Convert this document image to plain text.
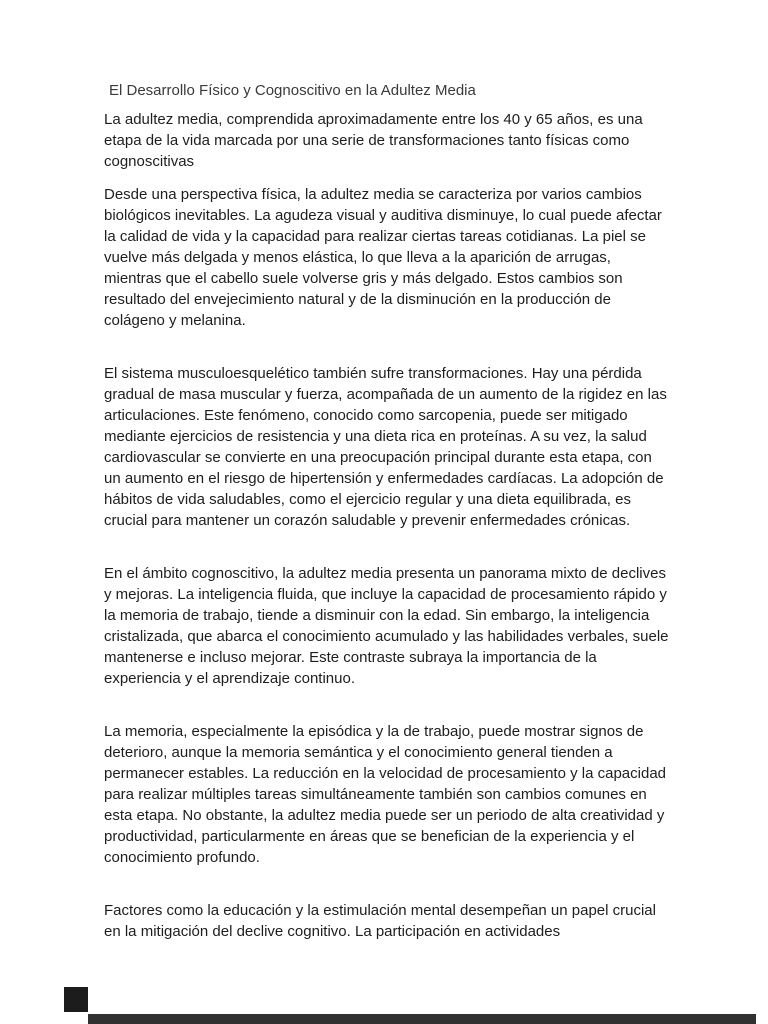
El Desarrollo Físico y Cognoscitivo en la Adultez Media

La adultez media, comprendida aproximadamente entre los 40 y 65 años, es una etapa de la vida marcada por una serie de transformaciones tanto físicas como cognoscitivas

Desde una perspectiva física, la adultez media se caracteriza por varios cambios biológicos inevitables. La agudeza visual y auditiva disminuye, lo cual puede afectar la calidad de vida y la capacidad para realizar ciertas tareas cotidianas. La piel se vuelve más delgada y menos elástica, lo que lleva a la aparición de arrugas, mientras que el cabello suele volverse gris y más delgado. Estos cambios son resultado del envejecimiento natural y de la disminución en la producción de colágeno y melanina.

El sistema musculoesquelético también sufre transformaciones. Hay una pérdida gradual de masa muscular y fuerza, acompañada de un aumento de la rigidez en las articulaciones. Este fenómeno, conocido como sarcopenia, puede ser mitigado mediante ejercicios de resistencia y una dieta rica en proteínas. A su vez, la salud cardiovascular se convierte en una preocupación principal durante esta etapa, con un aumento en el riesgo de hipertensión y enfermedades cardíacas. La adopción de hábitos de vida saludables, como el ejercicio regular y una dieta equilibrada, es crucial para mantener un corazón saludable y prevenir enfermedades crónicas.

En el ámbito cognoscitivo, la adultez media presenta un panorama mixto de declives y mejoras. La inteligencia fluida, que incluye la capacidad de procesamiento rápido y la memoria de trabajo, tiende a disminuir con la edad. Sin embargo, la inteligencia cristalizada, que abarca el conocimiento acumulado y las habilidades verbales, suele mantenerse e incluso mejorar. Este contraste subraya la importancia de la experiencia y el aprendizaje continuo.

La memoria, especialmente la episódica y la de trabajo, puede mostrar signos de deterioro, aunque la memoria semántica y el conocimiento general tienden a permanecer estables. La reducción en la velocidad de procesamiento y la capacidad para realizar múltiples tareas simultáneamente también son cambios comunes en esta etapa. No obstante, la adultez media puede ser un periodo de alta creatividad y productividad, particularmente en áreas que se benefician de la experiencia y el conocimiento profundo.

Factores como la educación y la estimulación mental desempeñan un papel crucial en la mitigación del declive cognitivo. La participación en actividades
